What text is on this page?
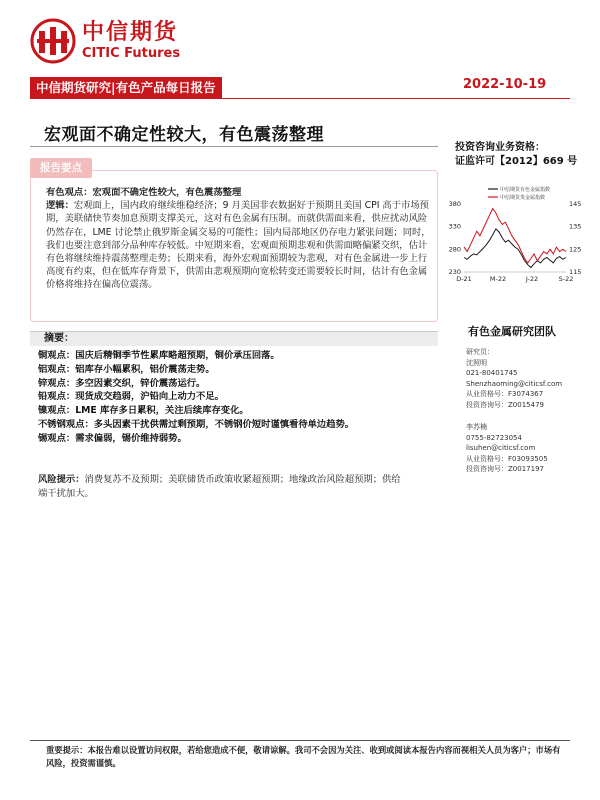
中信期货
CITIC Futures
中信期货研究|有色产品每日报告	2022-10-19
宏观面不确定性较大，有色震荡整理
投资咨询业务资格：
证监许可【2012】669 号
报告要点
有色观点：宏观面不确定性较大，有色震荡整理
逻辑：宏观面上，国内政府继续维稳经济；9 月美国非农数据好于预期且美国 CPI 高于市场预期，美联储快节奏加息预期支撑美元，这对有色金属有压制。而就供需面来看，供应扰动风险仍然存在，LME 讨论禁止俄罗斯金属交易的可能性；国内局部地区仍存电力紧张问题；同时，我们也要注意到部分品种库存较低。中短期来看，宏观面预期悲观和供需面略偏紧交织，估计有色将继续维持震荡整理走势；长期来看，海外宏观面预期较为悲观，对有色金属进一步上行高度有约束，但在低库存背景下，供需由悲观预期向宽松转变还需要较长时间，估计有色金属价格将维持在偏高位震荡。
中信期货有色金属指数
中信期货贵金属指数
230
280
330
380
115
125
135
145
D-21	M-22	J-22	S-22
有色金属研究团队
研究员：
沈照明
021-80401745
Shenzhaoming@citicsf.com
从业资格号：F3074367
投资咨询号：Z0015479
李苏楠
0755-82723054
lisuhen@citicsf.com
从业资格号：F03093505
投资咨询号：Z0017197
摘要：
铜观点：国庆后精铜季节性累库略超预期，铜价承压回落。
铝观点：铝库存小幅累积，铝价震荡走势。
锌观点：多空因素交织，锌价震荡运行。
铅观点：现货成交趋弱，沪铅向上动力不足。
镍观点：LME 库存多日累积，关注后续库存变化。
不锈钢观点：多头因素干扰供需过剩预期，不锈钢价短时谨慎看待单边趋势。
锡观点：需求偏弱，锡价维持弱势。
风险提示：消费复苏不及预期；美联储货币政策收紧超预期；地缘政治风险超预期；供给端干扰加大。
重要提示：本报告难以设置访问权限，若给您造成不便，敬请谅解。我司不会因为关注、收到或阅读本报告内容而视相关人员为客户；市场有风险，投资需谨慎。
